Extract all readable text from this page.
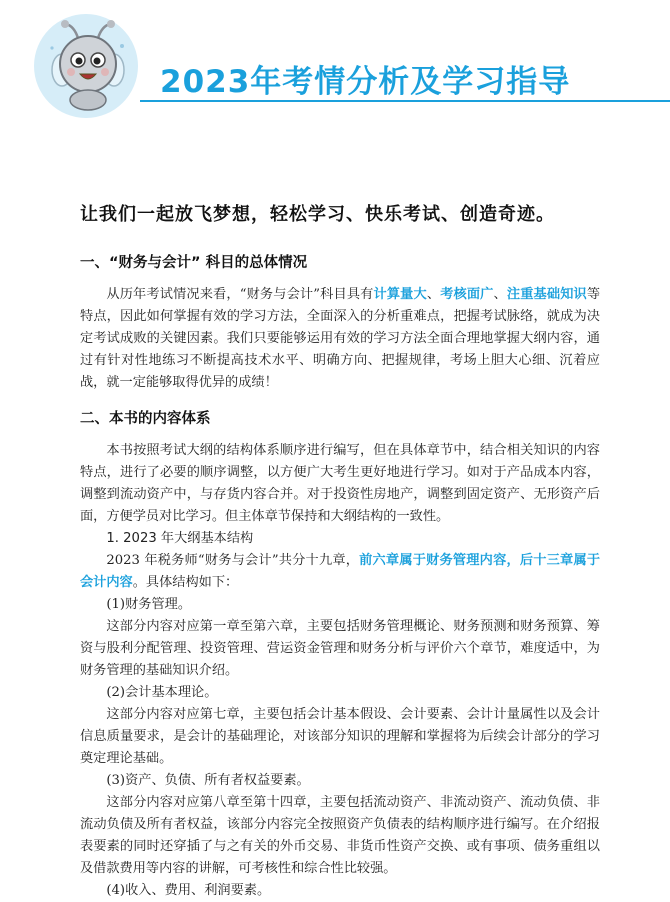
2023年考情分析及学习指导
让我们一起放飞梦想，轻松学习、快乐考试、创造奇迹。
一、“财务与会计” 科目的总体情况

从历年考试情况来看，“财务与会计”科目具有计算量大、考核面广、注重基础知识等特点，因此如何掌握有效的学习方法，全面深入的分析重难点，把握考试脉络，就成为决定考试成败的关键因素。我们只要能够运用有效的学习方法全面合理地掌握大纲内容，通过有针对性地练习不断提高技术水平、明确方向、把握规律，考场上胆大心细、沉着应战，就一定能够取得优异的成绩！

二、本书的内容体系

本书按照考试大纲的结构体系顺序进行编写，但在具体章节中，结合相关知识的内容特点，进行了必要的顺序调整，以方便广大考生更好地进行学习。如对于产品成本内容，调整到流动资产中，与存货内容合并。对于投资性房地产，调整到固定资产、无形资产后面，方便学员对比学习。但主体章节保持和大纲结构的一致性。

1. 2023 年大纲基本结构

2023 年税务师“财务与会计”共分十九章，前六章属于财务管理内容，后十三章属于会计内容。具体结构如下：

(1)财务管理。

这部分内容对应第一章至第六章，主要包括财务管理概论、财务预测和财务预算、筹资与股利分配管理、投资管理、营运资金管理和财务分析与评价六个章节，难度适中，为财务管理的基础知识介绍。

(2)会计基本理论。

这部分内容对应第七章，主要包括会计基本假设、会计要素、会计计量属性以及会计信息质量要求，是会计的基础理论，对该部分知识的理解和掌握将为后续会计部分的学习奠定理论基础。

(3)资产、负债、所有者权益要素。

这部分内容对应第八章至第十四章，主要包括流动资产、非流动资产、流动负债、非流动负债及所有者权益，该部分内容完全按照资产负债表的结构顺序进行编写。在介绍报表要素的同时还穿插了与之有关的外币交易、非货币性资产交换、或有事项、债务重组以及借款费用等内容的讲解，可考核性和综合性比较强。

(4)收入、费用、利润要素。
